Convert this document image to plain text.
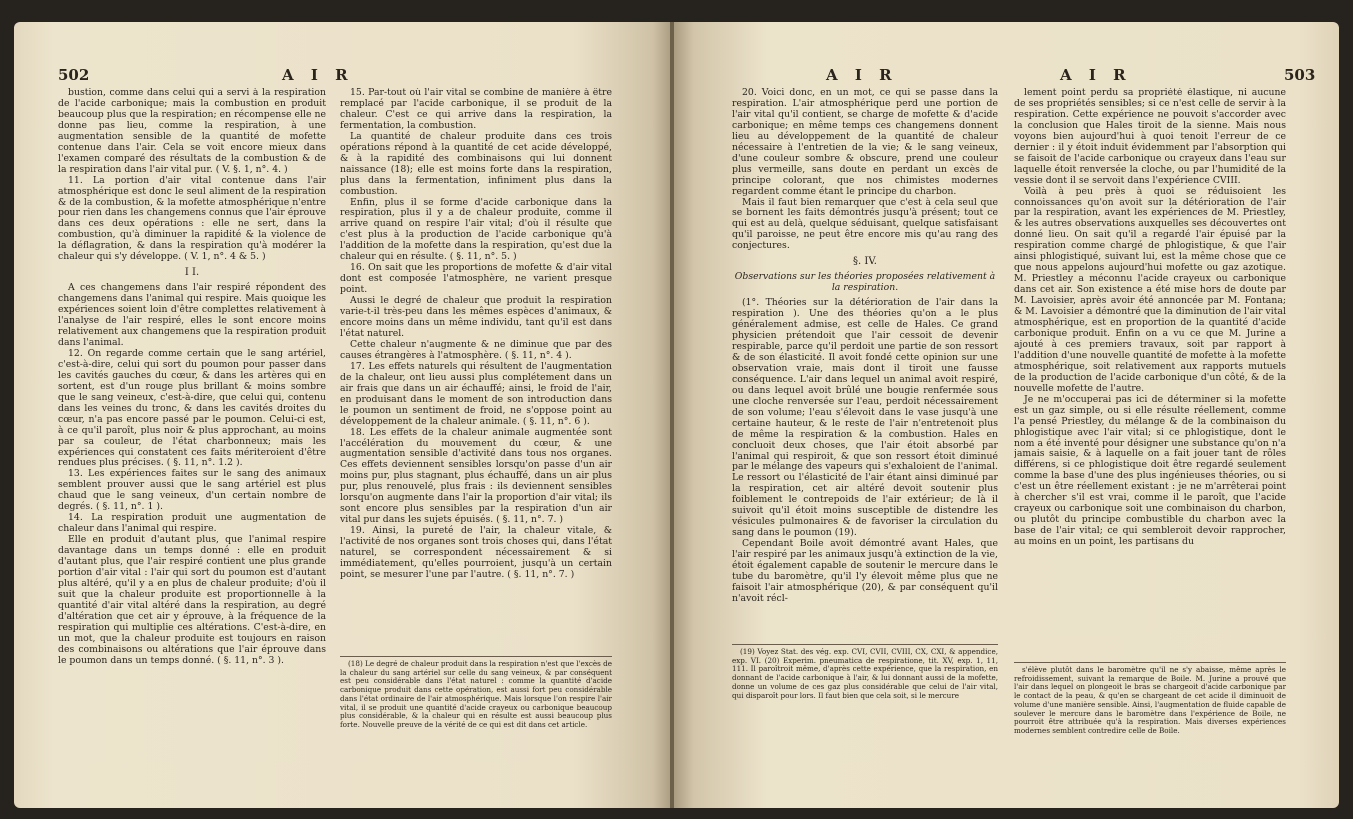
502	A I R

bustion, comme dans celui qui a servi à la respiration de l'acide carbonique; mais la combustion en produit beaucoup plus que la respiration; en récompense elle ne donne pas lieu, comme la respiration, à une augmentation sensible de la quantité de mofette contenue dans l'air. Cela se voit encore mieux dans l'examen comparé des résultats de la combustion & de la respiration dans l'air vital pur. ( V. §. 1, n°. 4. )

11. La portion d'air vital contenue dans l'air atmosphérique est donc le seul aliment de la respiration & de la combustion, & la mofette atmosphérique n'entre pour rien dans les changemens connus que l'air éprouve dans ces deux opérations : elle ne sert, dans la combustion, qu'à diminuer la rapidité & la violence de la déflagration, & dans la respiration qu'à modérer la chaleur qui s'y développe. ( V. 1, n°. 4 & 5. )

I I.

A ces changemens dans l'air respiré répondent des changemens dans l'animal qui respire. Mais quoique les expériences soient loin d'être complettes relativement à l'analyse de l'air respiré, elles le sont encore moins relativement aux changemens que la respiration produit dans l'animal.

12. On regarde comme certain que le sang artériel, c'est-à-dire, celui qui sort du poumon pour passer dans les cavités gauches du cœur, & dans les artères qui en sortent, est d'un rouge plus brillant & moins sombre que le sang veineux, c'est-à-dire, que celui qui, contenu dans les veines du tronc, & dans les cavités droites du cœur, n'a pas encore passé par le poumon. Celui-ci est, à ce qu'il paroît, plus noir & plus approchant, au moins par sa couleur, de l'état charbonneux; mais les expériences qui constatent ces faits mériteroient d'être rendues plus précises. ( §. 11, n°. 1.2 ).

13. Les expériences faites sur le sang des animaux semblent prouver aussi que le sang artériel est plus chaud que le sang veineux, d'un certain nombre de degrés. ( §. 11, n°. 1 ).

14. La respiration produit une augmentation de chaleur dans l'animal qui respire.

Elle en produit d'autant plus, que l'animal respire davantage dans un temps donné : elle en produit d'autant plus, que l'air respiré contient une plus grande portion d'air vital : l'air qui sort du poumon est d'autant plus altéré, qu'il y a en plus de chaleur produite; d'où il suit que la chaleur produite est proportionnelle à la quantité d'air vital altéré dans la respiration, au degré d'altération que cet air y éprouve, à la fréquence de la respiration qui multiplie ces altérations. C'est-à-dire, en un mot, que la chaleur produite est toujours en raison des combinaisons ou altérations que l'air éprouve dans le poumon dans un temps donné. ( §. 11, n°. 3 ).

15. Par-tout où l'air vital se combine de manière à être remplacé par l'acide carbonique, il se produit de la chaleur. C'est ce qui arrive dans la respiration, la fermentation, la combustion.

La quantité de chaleur produite dans ces trois opérations répond à la quantité de cet acide développé, & à la rapidité des combinaisons qui lui donnent naissance (18); elle est moins forte dans la respiration, plus dans la fermentation, infiniment plus dans la combustion.

Enfin, plus il se forme d'acide carbonique dans la respiration, plus il y a de chaleur produite, comme il arrive quand on respire l'air vital; d'où il résulte que c'est plus à la production de l'acide carbonique qu'à l'addition de la mofette dans la respiration, qu'est due la chaleur qui en résulte. ( §. 11, n°. 5. )

16. On sait que les proportions de mofette & d'air vital dont est composée l'atmosphère, ne varient presque point.

Aussi le degré de chaleur que produit la respiration varie-t-il très-peu dans les mêmes espèces d'animaux, & encore moins dans un même individu, tant qu'il est dans l'état naturel.

Cette chaleur n'augmente & ne diminue que par des causes étrangères à l'atmosphère. ( §. 11, n°. 4 ).

17. Les effets naturels qui résultent de l'augmentation de la chaleur, ont lieu aussi plus complétement dans un air frais que dans un air échauffé; ainsi, le froid de l'air, en produisant dans le moment de son introduction dans le poumon un sentiment de froid, ne s'oppose point au développement de la chaleur animale. ( §. 11, n°. 6 ).

18. Les effets de la chaleur animale augmentée sont l'accélération du mouvement du cœur, & une augmentation sensible d'activité dans tous nos organes. Ces effets deviennent sensibles lorsqu'on passe d'un air moins pur, plus stagnant, plus échauffé, dans un air plus pur, plus renouvelé, plus frais : ils deviennent sensibles lorsqu'on augmente dans l'air la proportion d'air vital; ils sont encore plus sensibles par la respiration d'un air vital pur dans les sujets épuisés. ( §. 11, n°. 7. )

19. Ainsi, la pureté de l'air, la chaleur vitale, & l'activité de nos organes sont trois choses qui, dans l'état naturel, se correspondent nécessairement & si immédiatement, qu'elles pourroient, jusqu'à un certain point, se mesurer l'une par l'autre. ( §. 11, n°. 7. )

(18) Le degré de chaleur produit dans la respiration n'est que l'excès de la chaleur du sang artériel sur celle du sang veineux, & par conséquent est peu considérable dans l'état naturel : comme la quantité d'acide carbonique produit dans cette opération, est aussi fort peu considérable dans l'état ordinaire de l'air atmosphérique. Mais lorsque l'on respire l'air vital, il se produit une quantité d'acide crayeux ou carbonique beaucoup plus considérable, & la chaleur qui en résulte est aussi beaucoup plus forte. Nouvelle preuve de la vérité de ce qui est dit dans cet article.

A I R	A I R	503

20. Voici donc, en un mot, ce qui se passe dans la respiration. L'air atmosphérique perd une portion de l'air vital qu'il contient, se charge de mofette & d'acide carbonique; en même temps ces changemens donnent lieu au développement de la quantité de chaleur nécessaire à l'entretien de la vie; & le sang veineux, d'une couleur sombre & obscure, prend une couleur plus vermeille, sans doute en perdant un excès de principe colorant, que nos chimistes modernes regardent comme étant le principe du charbon.

Mais il faut bien remarquer que c'est à cela seul que se bornent les faits démontrés jusqu'à présent; tout ce qui est au delà, quelque séduisant, quelque satisfaisant qu'il paroisse, ne peut être encore mis qu'au rang des conjectures.

§. IV.
Observations sur les théories proposées relativement à la respiration.

(1°. Théories sur la détérioration de l'air dans la respiration ). Une des théories qu'on a le plus généralement admise, est celle de Hales. Ce grand physicien prétendoit que l'air cessoit de devenir respirable, parce qu'il perdoit une partie de son ressort & de son élasticité. Il avoit fondé cette opinion sur une observation vraie, mais dont il tiroit une fausse conséquence. L'air dans lequel un animal avoit respiré, ou dans lequel avoit brûlé une bougie renfermée sous une cloche renversée sur l'eau, perdoit nécessairement de son volume; l'eau s'élevoit dans le vase jusqu'à une certaine hauteur, & le reste de l'air n'entretenoit plus de même la respiration & la combustion. Hales en concluoit deux choses, que l'air étoit absorbé par l'animal qui respiroit, & que son ressort étoit diminué par le mélange des vapeurs qui s'exhaloient de l'animal. Le ressort ou l'élasticité de l'air étant ainsi diminué par la respiration, cet air altéré devoit soutenir plus foiblement le contrepoids de l'air extérieur; de là il suivoit qu'il étoit moins susceptible de distendre les vésicules pulmonaires & de favoriser la circulation du sang dans le poumon (19).

Cependant Boile avoit démontré avant Hales, que l'air respiré par les animaux jusqu'à extinction de la vie, étoit également capable de soutenir le mercure dans le tube du baromètre, qu'il l'y élevoit même plus que ne faisoit l'air atmosphérique (20), & par conséquent qu'il n'avoit récl-

(19) Voyez Stat. des vég. exp. CVI, CVII, CVIII, CX, CXI, & appendice, exp. VI. (20) Experim. pneumatica de respiratione, tit. XV, exp. 1, 11, 111. Il paroîtroit même, d'après cette expérience, que la respiration, en donnant de l'acide carbonique à l'air, & lui donnant aussi de la mofette, donne un volume de ces gaz plus considérable que celui de l'air vital, qui disparoît pour lors. Il faut bien que cela soit, si le mercure

lement point perdu sa propriété élastique, ni aucune de ses propriétés sensibles; si ce n'est celle de servir à la respiration. Cette expérience ne pouvoit s'accorder avec la conclusion que Hales tiroit de la sienne. Mais nous voyons bien aujourd'hui à quoi tenoit l'erreur de ce dernier : il y étoit induit évidemment par l'absorption qui se faisoit de l'acide carbonique ou crayeux dans l'eau sur laquelle étoit renversée la cloche, ou par l'humidité de la vessie dont il se servoit dans l'expérience CVIII.

Voilà à peu près à quoi se réduisoient les connoissances qu'on avoit sur la détérioration de l'air par la respiration, avant les expériences de M. Priestley, & les autres observations auxquelles ses découvertes ont donné lieu. On sait qu'il a regardé l'air épuisé par la respiration comme chargé de phlogistique, & que l'air ainsi phlogistiqué, suivant lui, est la même chose que ce que nous appelons aujourd'hui mofette ou gaz azotique. M. Priestley a méconnu l'acide crayeux ou carbonique dans cet air. Son existence a été mise hors de doute par M. Lavoisier, après avoir été annoncée par M. Fontana; & M. Lavoisier a démontré que la diminution de l'air vital atmosphérique, est en proportion de la quantité d'acide carbonique produit. Enfin on a vu ce que M. Jurine a ajouté à ces premiers travaux, soit par rapport à l'addition d'une nouvelle quantité de mofette à la mofette atmosphérique, soit relativement aux rapports mutuels de la production de l'acide carbonique d'un côté, & de la nouvelle mofette de l'autre.

Je ne m'occuperai pas ici de déterminer si la mofette est un gaz simple, ou si elle résulte réellement, comme l'a pensé Priestley, du mélange & de la combinaison du phlogistique avec l'air vital; si ce phlogistique, dont le nom a été inventé pour désigner une substance qu'on n'a jamais saisie, & à laquelle on a fait jouer tant de rôles différens, si ce phlogistique doit être regardé seulement comme la base d'une des plus ingénieuses théories, ou si c'est un être réellement existant : je ne m'arrêterai point à chercher s'il est vrai, comme il le paroît, que l'acide crayeux ou carbonique soit une combinaison du charbon, ou plutôt du principe combustible du charbon avec la base de l'air vital; ce qui sembleroit devoir rapprocher, au moins en un point, les partisans du

s'élève plutôt dans le baromètre qu'il ne s'y abaisse, même après le refroidissement, suivant la remarque de Boile. M. Jurine a prouvé que l'air dans lequel on plongeoit le bras se chargeoit d'acide carbonique par le contact de la peau, & qu'en se chargeant de cet acide il diminuoit de volume d'une manière sensible. Ainsi, l'augmentation de fluide capable de soulever le mercure dans le baromètre dans l'expérience de Boile, ne pourroit être attribuée qu'à la respiration. Mais diverses expériences modernes semblent contredire celle de Boile.
